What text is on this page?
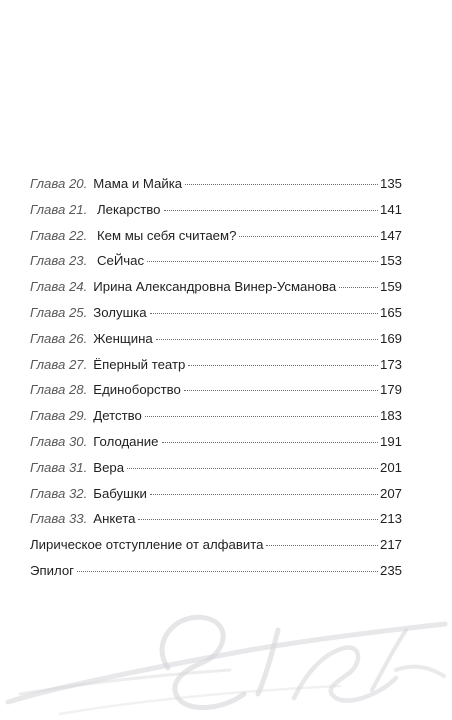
Глава 20. Мама и Майка	135
Глава 21. Лекарство	141
Глава 22. Кем мы себя считаем?	147
Глава 23. СеЙчас	153
Глава 24. Ирина Александровна Винер-Усманова	159
Глава 25. Золушка	165
Глава 26. Женщина	169
Глава 27. Ёперный театр	173
Глава 28. Единоборство	179
Глава 29. Детство	183
Глава 30. Голодание	191
Глава 31. Вера	201
Глава 32. Бабушки	207
Глава 33. Анкета	213
Лирическое отступление от алфавита	217
Эпилог	235
